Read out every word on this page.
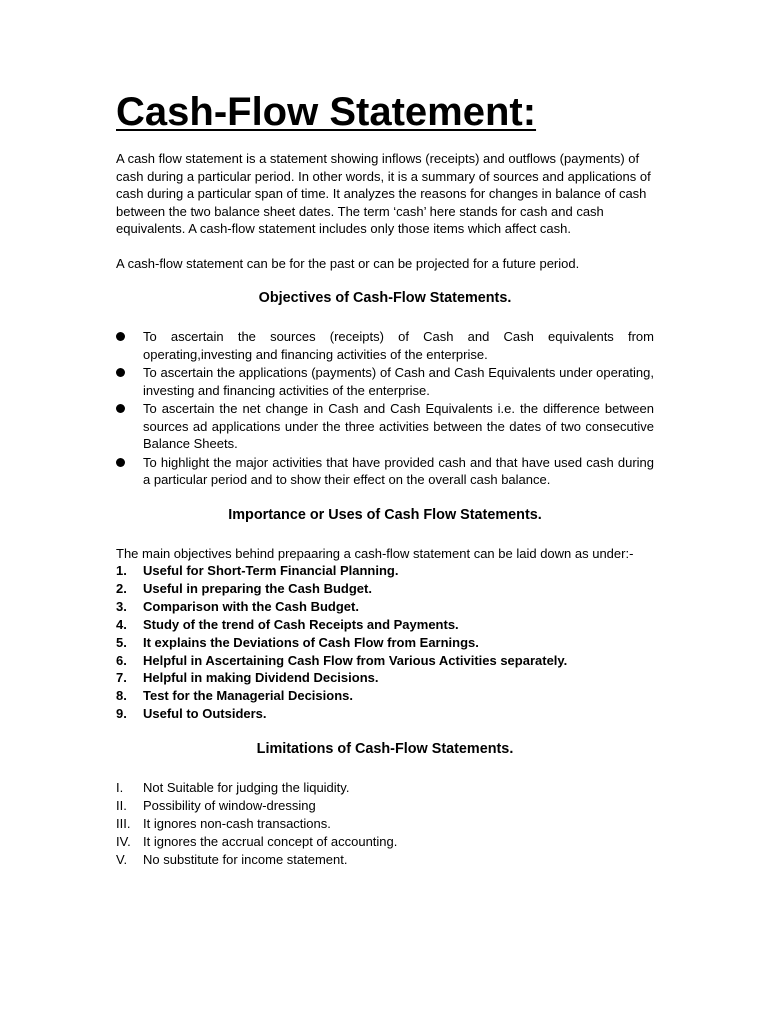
Cash-Flow Statement:

A cash flow statement is a statement showing inflows (receipts) and outflows (payments) of cash during a particular period. In other words, it is a summary of sources and applications of cash during a particular span of time. It analyzes the reasons for changes in balance of cash between the two balance sheet dates. The term ‘cash’ here stands for cash and cash equivalents. A cash-flow statement includes only those items which affect cash.

A cash-flow statement can be for the past or can be projected for a future period.

Objectives of Cash-Flow Statements.
To ascertain the sources (receipts) of Cash and Cash equivalents from operating,investing and financing activities of the enterprise.
To ascertain the applications (payments) of Cash and Cash Equivalents under operating, investing and financing activities of the enterprise.
To ascertain the net change in Cash and Cash Equivalents i.e. the difference between sources ad applications under the three activities between the dates of two consecutive Balance Sheets.
To highlight the major activities that have provided cash and that have used cash during a particular period and to show their effect on the overall cash balance.
Importance or Uses of Cash Flow Statements.

The main objectives behind prepaaring a cash-flow statement can be laid down as under:-

1. Useful for Short-Term Financial Planning.
2. Useful in preparing the Cash Budget.
3. Comparison with the Cash Budget.
4. Study of the trend of Cash Receipts and Payments.
5. It explains the Deviations of Cash Flow from Earnings.
6. Helpful in Ascertaining Cash Flow from Various Activities separately.
7. Helpful in making Dividend Decisions.
8. Test for the Managerial Decisions.
9. Useful to Outsiders.
Limitations of Cash-Flow Statements.
I. Not Suitable for judging the liquidity.
II. Possibility of window-dressing
III. It ignores non-cash transactions.
IV. It ignores the accrual concept of accounting.
V. No substitute for income statement.
